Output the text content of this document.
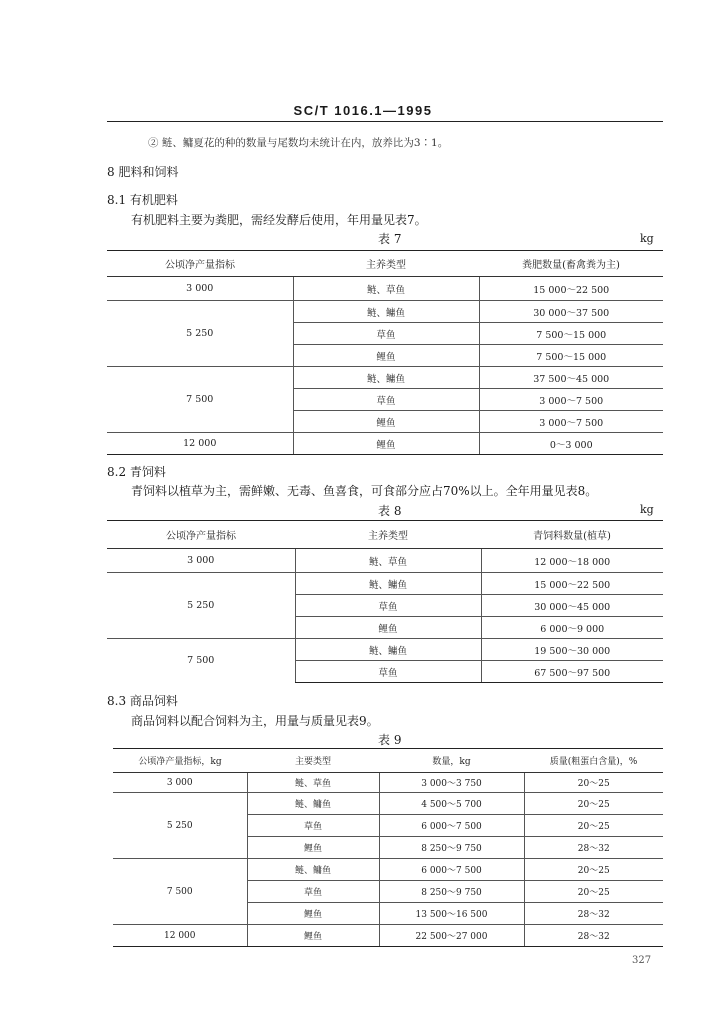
SC/T 1016.1—1995
② 鲢、鳙夏花的种的数量与尾数均未统计在内，放养比为3∶1。
8 肥料和饲料
8.1 有机肥料
有机肥料主要为粪肥，需经发酵后使用，年用量见表7。
表 7	kg
公顷净产量指标	主养类型	粪肥数量(畜禽粪为主)
3 000	鲢、草鱼	15 000～22 500
5 250	鲢、鳙鱼	30 000～37 500
	草鱼	7 500～15 000
	鲤鱼	7 500～15 000
7 500	鲢、鳙鱼	37 500～45 000
	草鱼	3 000～7 500
	鲤鱼	3 000～7 500
12 000	鲤鱼	0～3 000
8.2 青饲料
青饲料以植草为主，需鲜嫩、无毒、鱼喜食，可食部分应占70%以上。全年用量见表8。
表 8	kg
公顷净产量指标	主养类型	青饲料数量(植草)
3 000	鲢、草鱼	12 000～18 000
5 250	鲢、鳙鱼	15 000～22 500
	草鱼	30 000～45 000
	鲤鱼	6 000～9 000
7 500	鲢、鳙鱼	19 500～30 000
	草鱼	67 500～97 500
8.3 商品饲料
商品饲料以配合饲料为主，用量与质量见表9。
表 9
公顷净产量指标，kg	主要类型	数量，kg	质量(粗蛋白含量)，%
3 000	鲢、草鱼	3 000～3 750	20～25
5 250	鲢、鳙鱼	4 500～5 700	20～25
	草鱼	6 000～7 500	20～25
	鲤鱼	8 250～9 750	28～32
7 500	鲢、鳙鱼	6 000～7 500	20～25
	草鱼	8 250～9 750	20～25
	鲤鱼	13 500～16 500	28～32
12 000	鲤鱼	22 500～27 000	28～32
327
